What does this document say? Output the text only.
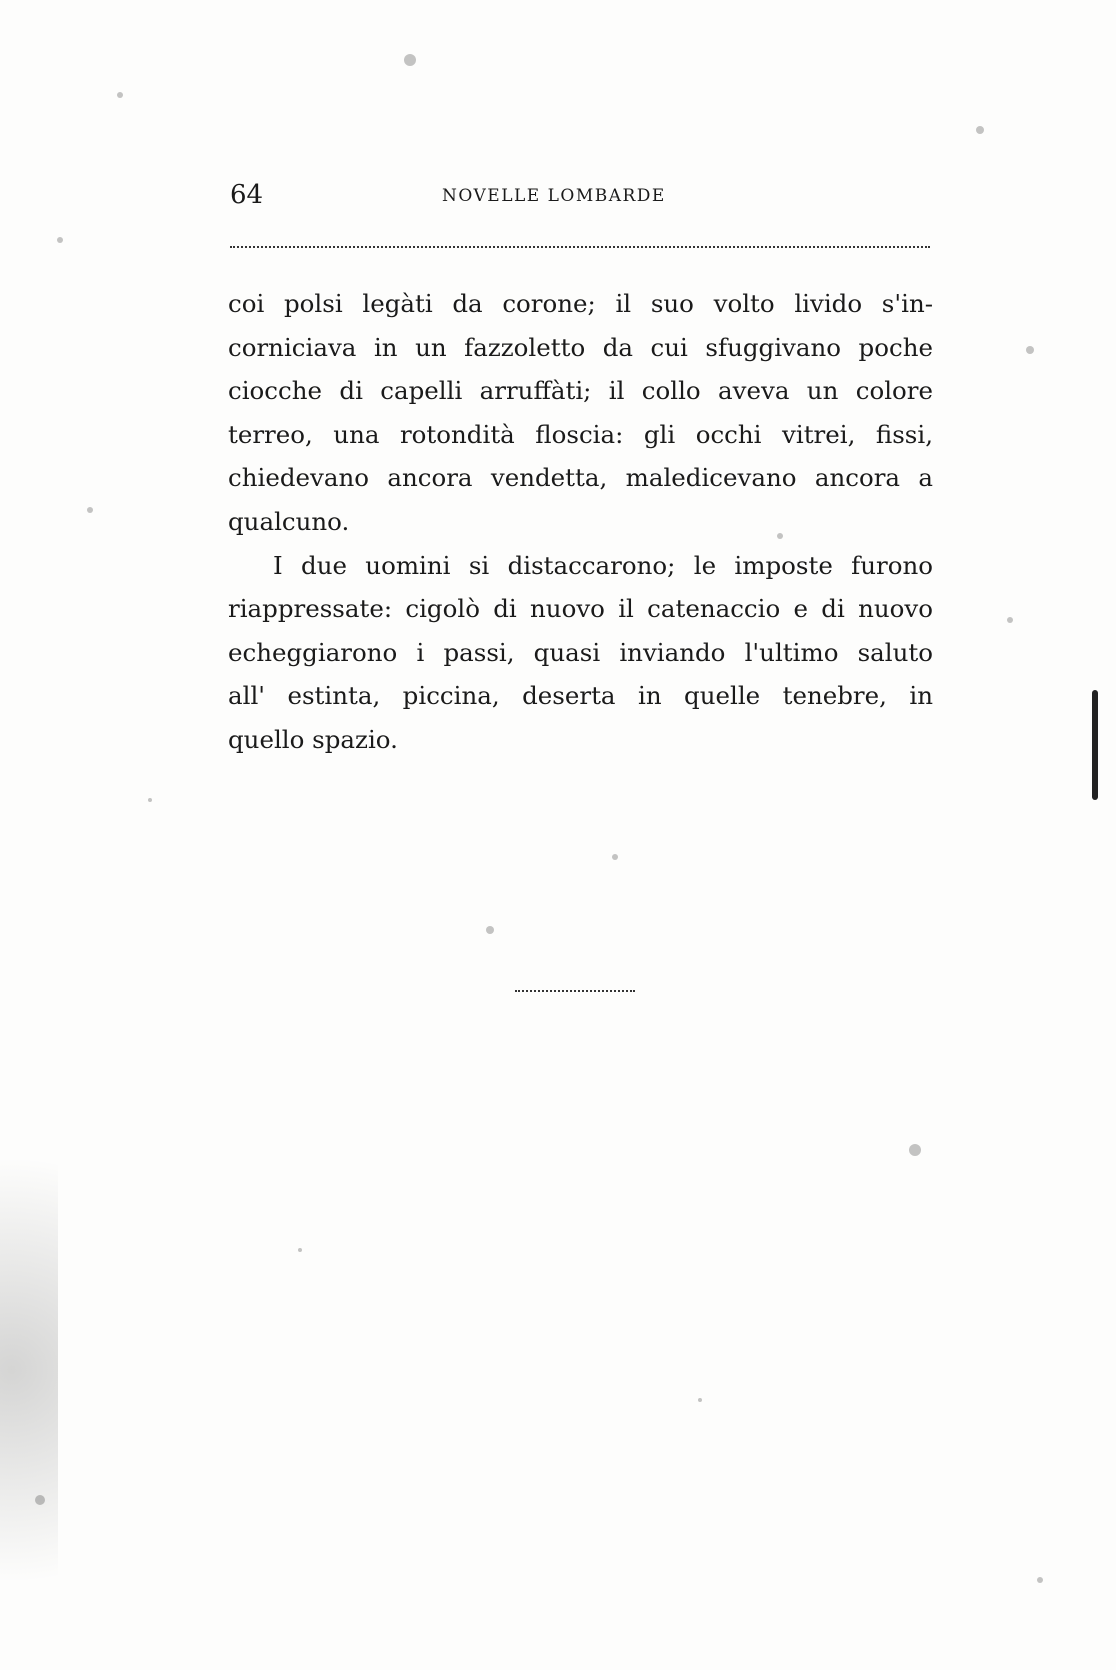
64	NOVELLE LOMBARDE
coi polsi legàti da corone; il suo volto livido s'in-
corniciava in un fazzoletto da cui sfuggivano poche
ciocche di capelli arruffàti; il collo aveva un colore
terreo, una rotondità floscia: gli occhi vitrei, fissi,
chiedevano ancora vendetta, maledicevano ancora a
qualcuno.
I due uomini si distaccarono; le imposte furono
riappressate: cigolò di nuovo il catenaccio e di nuovo
echeggiarono i passi, quasi inviando l'ultimo saluto
all' estinta, piccina, deserta in quelle tenebre, in
quello spazio.
